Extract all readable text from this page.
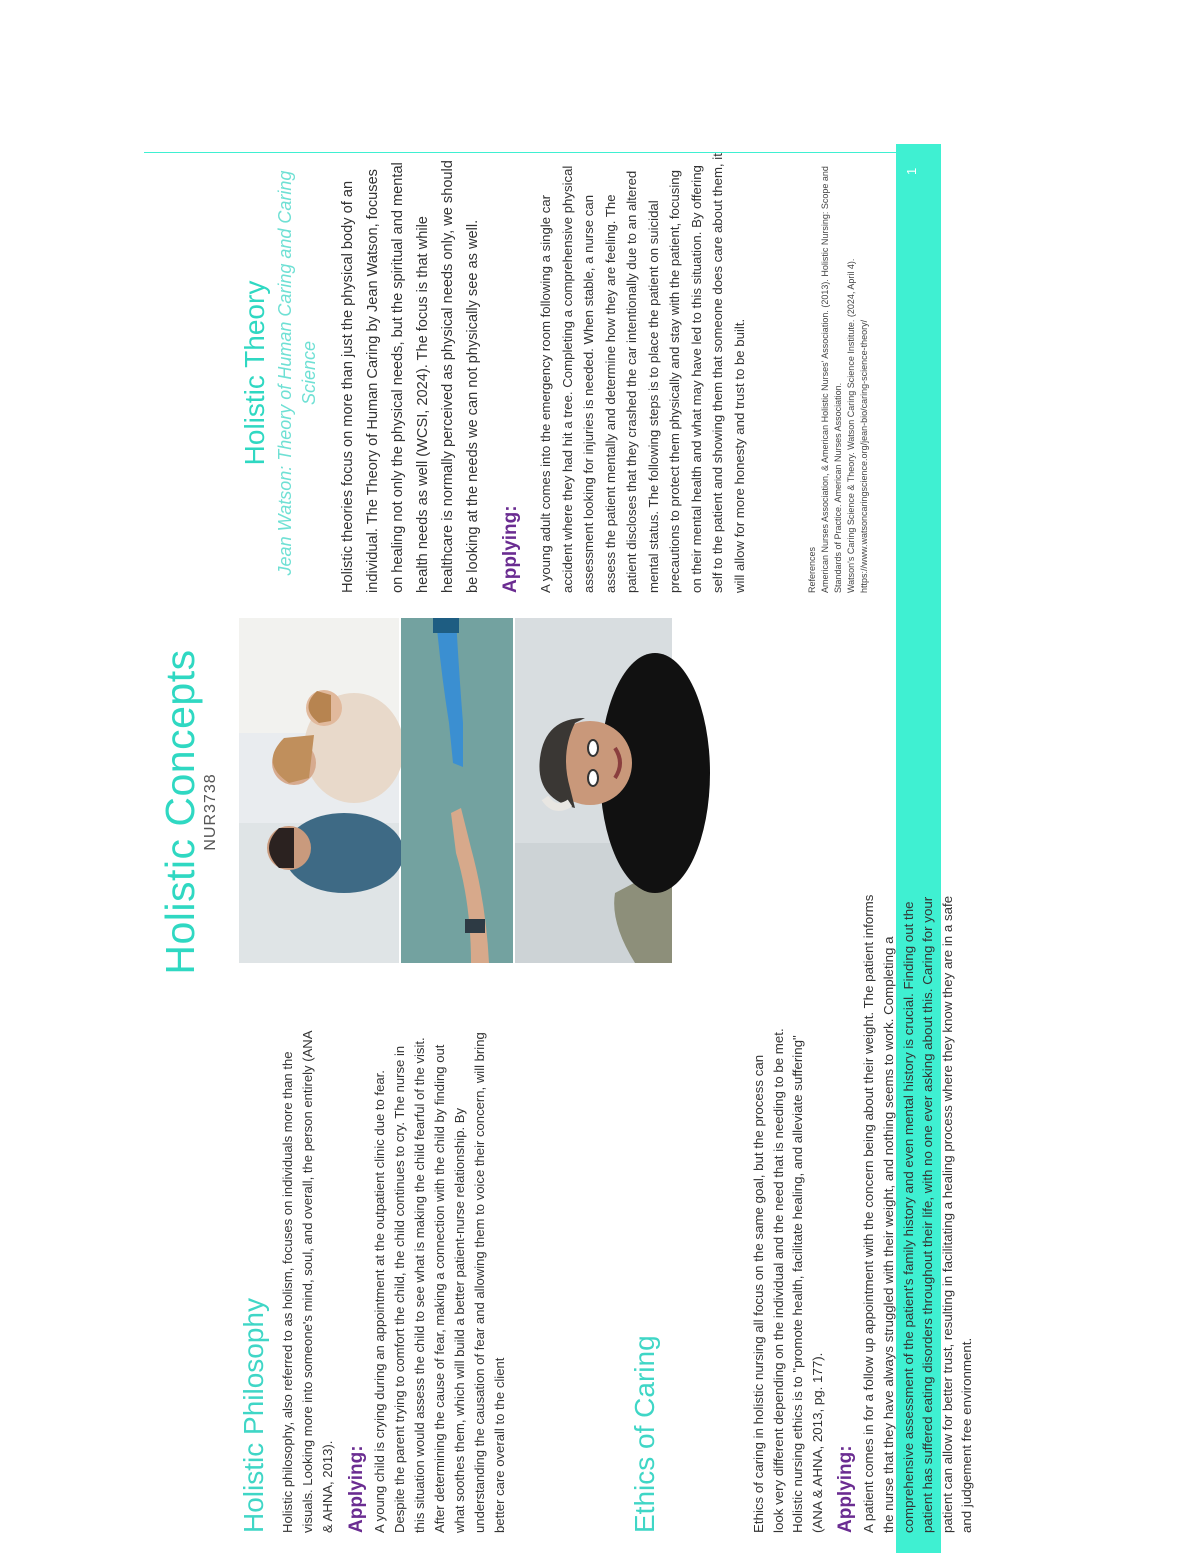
1
Holistic Concepts NUR3738
Holistic Philosophy Holistic philosophy, also referred to as holism, focuses on individuals more than the visuals. Looking more into someone's mind, soul, and overall, the person entirely (ANA & AHNA, 2013). Applying: A young child is crying during an appointment at the outpatient clinic due to fear. Despite the parent trying to comfort the child, the child continues to cry. The nurse in this situation would assess the child to see what is making the child fearful of the visit. After determining the cause of fear, making a connection with the child by finding out what soothes them, which will build a better patient-nurse relationship. By understanding the causation of fear and allowing them to voice their concern, will bring better care overall to the client	Ethics of Caring	Ethics of caring in holistic nursing all focus on the same goal, but the process can look very different depending on the individual and the need that is needing to be met. Holistic nursing ethics is to "promote health, facilitate healing, and alleviate suffering" (ANA & AHNA, 2013, pg. 177). Applying: A patient comes in for a follow up appointment with the concern being about their weight. The patient informs the nurse that they have always struggled with their weight, and nothing seems to work. Completing a comprehensive assessment of the patient's family history and even mental history is crucial. Finding out the patient has suffered eating disorders throughout their life, with no one ever asking about this. Caring for your patient can allow for better trust, resulting in facilitating a healing process where they know they are in a safe and judgement free environment.

Holistic Theory Jean Watson: Theory of Human Caring and Caring Science Holistic theories focus on more than just the physical body of an individual. The Theory of Human Caring by Jean Watson, focuses on healing not only the physical needs, but the spiritual and mental health needs as well (WCSI, 2024). The focus is that while healthcare is normally perceived as physical needs only, we should be looking at the needs we can not physically see as well. Applying: A young adult comes into the emergency room following a single car accident where they had hit a tree. Completing a comprehensive physical assessment looking for injuries is needed. When stable, a nurse can assess the patient mentally and determine how they are feeling. The patient discloses that they crashed the car intentionally due to an altered mental status. The following steps is to place the patient on suicidal precautions to protect them physically and stay with the patient, focusing on their mental health and what may have led to this situation. By offering self to the patient and showing them that someone does care about them, it will allow for more honesty and trust to be built.	References American Nurses Association, & American Holistic Nurses' Association. (2013). Holistic Nursing: Scope and Standards of Practice. American Nurses Association. Watson's Caring Science & Theory. Watson Caring Science Institute. (2024, April 4). https://www.watsoncaringscience.org/jean-bio/caring-science-theory/
